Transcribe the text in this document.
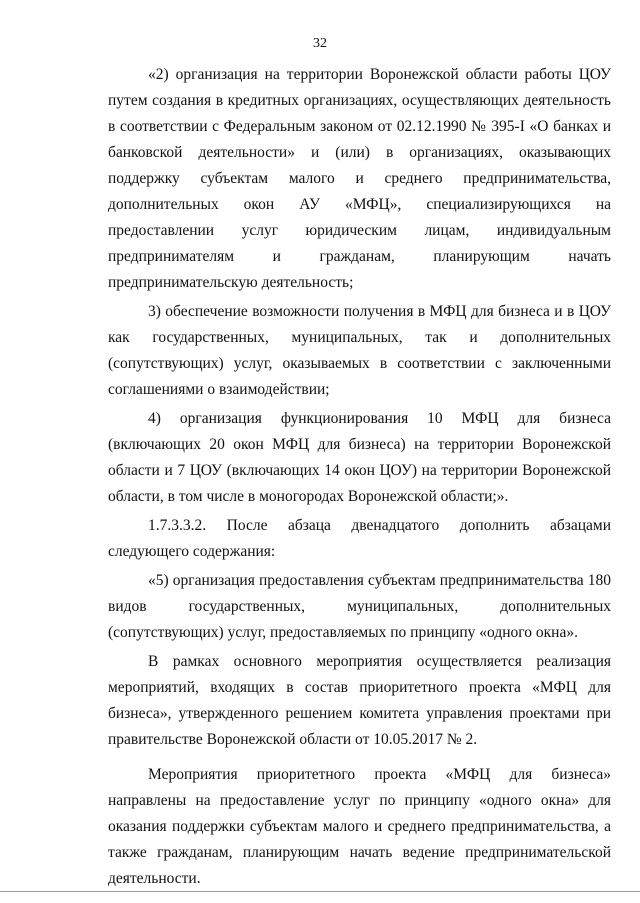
32

«2) организация на территории Воронежской области работы ЦОУ путем создания в кредитных организациях, осуществляющих деятельность в соответствии с Федеральным законом от 02.12.1990 № 395-I «О банках и банковской деятельности» и (или) в организациях, оказывающих поддержку субъектам малого и среднего предпринимательства, дополнительных окон АУ «МФЦ», специализирующихся на предоставлении услуг юридическим лицам, индивидуальным предпринимателям и гражданам, планирующим начать предпринимательскую деятельность;

3) обеспечение возможности получения в МФЦ для бизнеса и в ЦОУ как государственных, муниципальных, так и дополнительных (сопутствующих) услуг, оказываемых в соответствии с заключенными соглашениями о взаимодействии;

4) организация функционирования 10 МФЦ для бизнеса (включающих 20 окон МФЦ для бизнеса) на территории Воронежской области и 7 ЦОУ (включающих 14 окон ЦОУ) на территории Воронежской области, в том числе в моногородах Воронежской области;».

1.7.3.3.2. После абзаца двенадцатого дополнить абзацами следующего содержания:

«5) организация предоставления субъектам предпринимательства 180 видов государственных, муниципальных, дополнительных (сопутствующих) услуг, предоставляемых по принципу «одного окна».

В рамках основного мероприятия осуществляется реализация мероприятий, входящих в состав приоритетного проекта «МФЦ для бизнеса», утвержденного решением комитета управления проектами при правительстве Воронежской области от 10.05.2017 № 2.

Мероприятия приоритетного проекта «МФЦ для бизнеса» направлены на предоставление услуг по принципу «одного окна» для оказания поддержки субъектам малого и среднего предпринимательства, а также гражданам, планирующим начать ведение предпринимательской деятельности.
